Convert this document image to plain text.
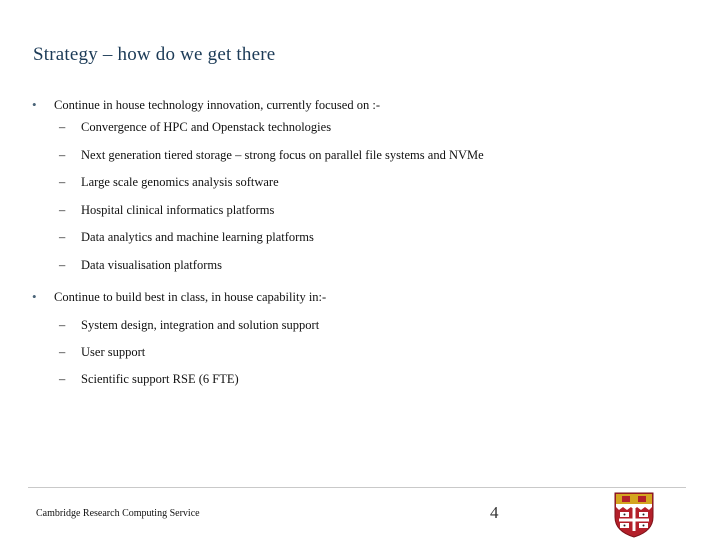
Strategy – how do we get there
• Continue in house technology innovation, currently focused on :-
– Convergence of HPC and Openstack technologies
– Next generation tiered storage – strong focus on parallel file systems and NVMe
– Large scale genomics analysis software
– Hospital clinical informatics platforms
– Data analytics and machine learning platforms
– Data visualisation platforms
• Continue to build best in class, in house capability in:-
– System design, integration and solution support
– User support
– Scientific support RSE (6 FTE)
Cambridge Research Computing Service	4
